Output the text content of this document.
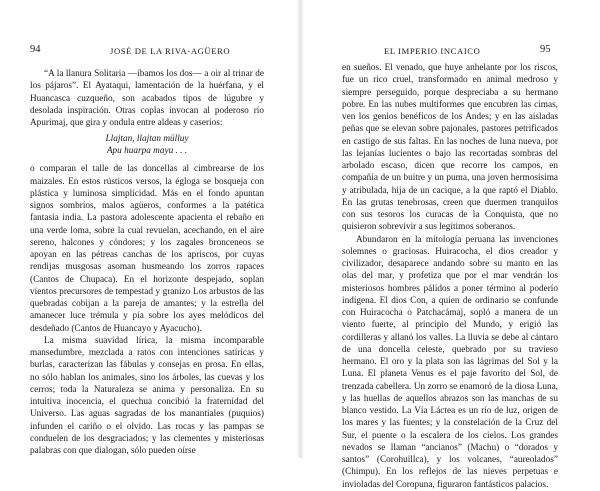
94	JOSÉ DE LA RIVA-AGÜERO

“A la llanura Solitaria —íbamos los dos— a oir al trinar de los pájaros”. El Ayataqui, lamentación de la huérfana, y el Huancasca cuzqueño, son acabados tipos de lúgubre y desolada inspiración. Otras coplas invocan al poderoso río Apurímaj, que gira y ondula entre aldeas y caseríos:

Llajtan, llajtan mülluy
Apu huarpa mayu . . .

o comparan el talle de las doncellas al cimbrearse de los maizales. En estos rústicos versos, la égloga se bosqueja con plástica y luminosa simplicidad. Más en el fondo apuntan signos sombríos, malos agüeros, conformes a la patética fantasía india. La pastora adolescente apacienta el rebaño en una verde loma, sobre la cual revuelan, acechando, en el aire sereno, halcones y cóndores; y los zagales bronceneos se apoyan en las pétreas canchas de los apriscos, por cuyas rendijas musgosas asoman husmeando los zorros rapaces (Cantos de Chupaca). En el horizonte despejado, soplan vientos precursores de tempestad y granizo Los arbustos de las quebradas cobijan a la pareja de amantes; y la estrella del amanecer luce trémula y pía sobre los ayes melódicos del desdeñado (Cantos de Huancayo y Ayacucho).

La misma suavidad lírica, la misma incomparable mansedumbre, mezclada a ratos con intenciones satíricas y burlas, caracterizan las fábulas y consejas en prosa. En ellas, no sólo hablan los animales, sino los árboles, las cuevas y los cerros; toda la Naturaleza se anima y personaliza. En su intuitiva inocencia, el quechua concibió la fraternidad del Universo. Las aguas sagradas de los manantiales (puquios) infunden el cariño o el olvido. Las rocas y las pampas se conduelen de los desgraciados; y las clementes y misteriosas palabras con que dialogan, sólo pueden oírse

EL IMPERIO INCAICO	95

en sueños. El venado, que huye anhelante por los riscos, fue un rico cruel, transformado en animal medroso y siempre perseguido, porque despreciaba a su hermano pobre. En las nubes multiformes que encubren las cimas, ven los genios benéficos de los Andes; y en las aisladas peñas que se elevan sobre pajonales, pastores petrificados en castigo de sus faltas. En las noches de luna nueva, por las lejanías lucientes o bajo las recortadas sombras del arbolado escaso, dicen que recorre los campos, en compañía de un buitre y un puma, una joven hermosísima y atribulada, hija de un cacique, a la que raptó el Diablo. En las grutas tenebrosas, creen que duermen tranquilos con sus tesoros los curacas de la Conquista, que no quisieron sobrevivir a sus legítimos soberanos.

Abundaron en la mitología peruana las invenciones solemnes o graciosas. Huiracocha, el dios creador y civilizador, desaparece andando sobre su manto en las olas del mar, y profetiza que por el mar vendrán los misteriosos hombres pálidos a poner término al poderío indígena. El dios Con, a quien de ordinario se confunde con Huiracocha o Patchacámaj, sopló a manera de un viento fuerte, al principio del Mundo, y erigió las cordilleras y allanó los valles. La lluvia se debe al cántaro de una doncella celeste, quebrado por su travieso hermano. El oro y la plata son las lágrimas del Sol y la Luna. El planeta Venus es el paje favorito del Sol, de trenzada cabellera. Un zorro se enamoró de la diosa Luna, y las huellas de aquellos abrazos son las manchas de su blanco vestido. La Vía Láctea es un río de luz, origen de los mares y las fuentes; y la constelación de la Cruz del Sur, el puente o la escalera de los cielos. Los grandes nevados se llaman “ancianos” (Machu) o “dorados y santos” (Corohuillca), y los volcanes, “aureolados” (Chimpu). En los reflejos de las nieves perpetuas e invioladas del Coropuna, figuraron fantásticos palacios.
